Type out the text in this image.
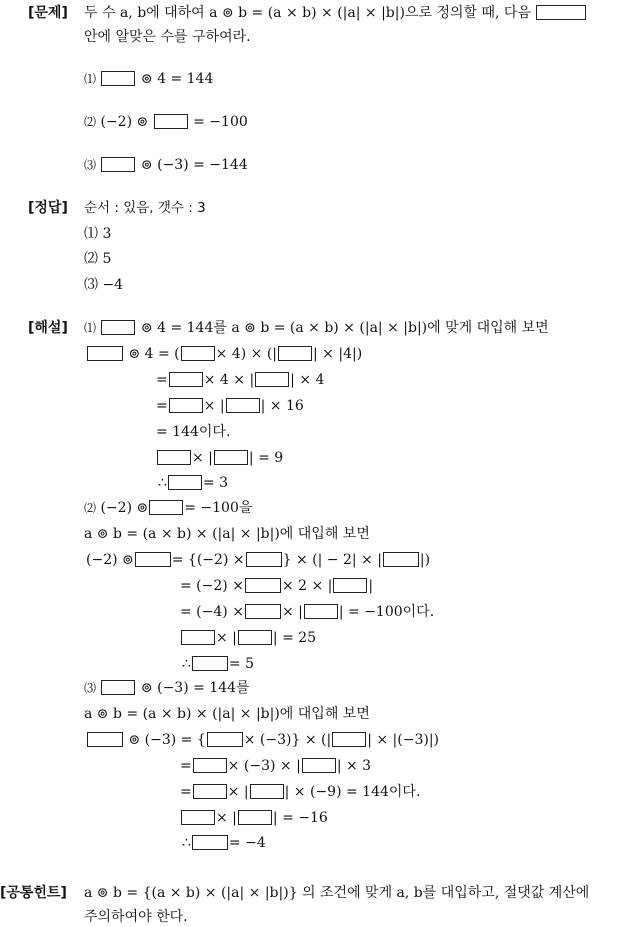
[문제] 두 수 a, b에 대하여 a ⊚ b = (a × b) × (|a| × |b|)으로 정의할 때, 다음
안에 알맞은 수를 구하여라.
⑴	⊚ 4 = 144
⑵ (−2) ⊚	= −100
⑶	⊚ (−3) = −144
[정답] 순서 : 있음, 갯수 : 3
⑴ 3
⑵ 5
⑶ −4
[해설] ⑴	⊚ 4 = 144를 a ⊚ b = (a × b) × (|a| × |b|)에 맞게 대입해 보면
⊚ 4 = (	× 4) × (|	| × |4|)
=	× 4 × |	| × 4
=	× |	| × 16
= 144이다.
× |	| = 9
∴	= 3
⑵ (−2) ⊚	= −100을
a ⊚ b = (a × b) × (|a| × |b|)에 대입해 보면
(−2) ⊚	= {(−2) ×	} × (| − 2| × |	|)
= (−2) ×	× 2 × |	|
= (−4) ×	× |	| = −100이다.
× |	| = 25
∴	= 5
⑶	⊚ (−3) = 144를
a ⊚ b = (a × b) × (|a| × |b|)에 대입해 보면
⊚ (−3) = {	× (−3)} × (|	| × |(−3)|)
=	× (−3) × |	| × 3
=	× |	| × (−9) = 144이다.
× |	| = −16
∴	= −4
[공통힌트] a ⊚ b = {(a × b) × (|a| × |b|)} 의 조건에 맞게 a, b를 대입하고, 절댓값 계산에
주의하여야 한다.
